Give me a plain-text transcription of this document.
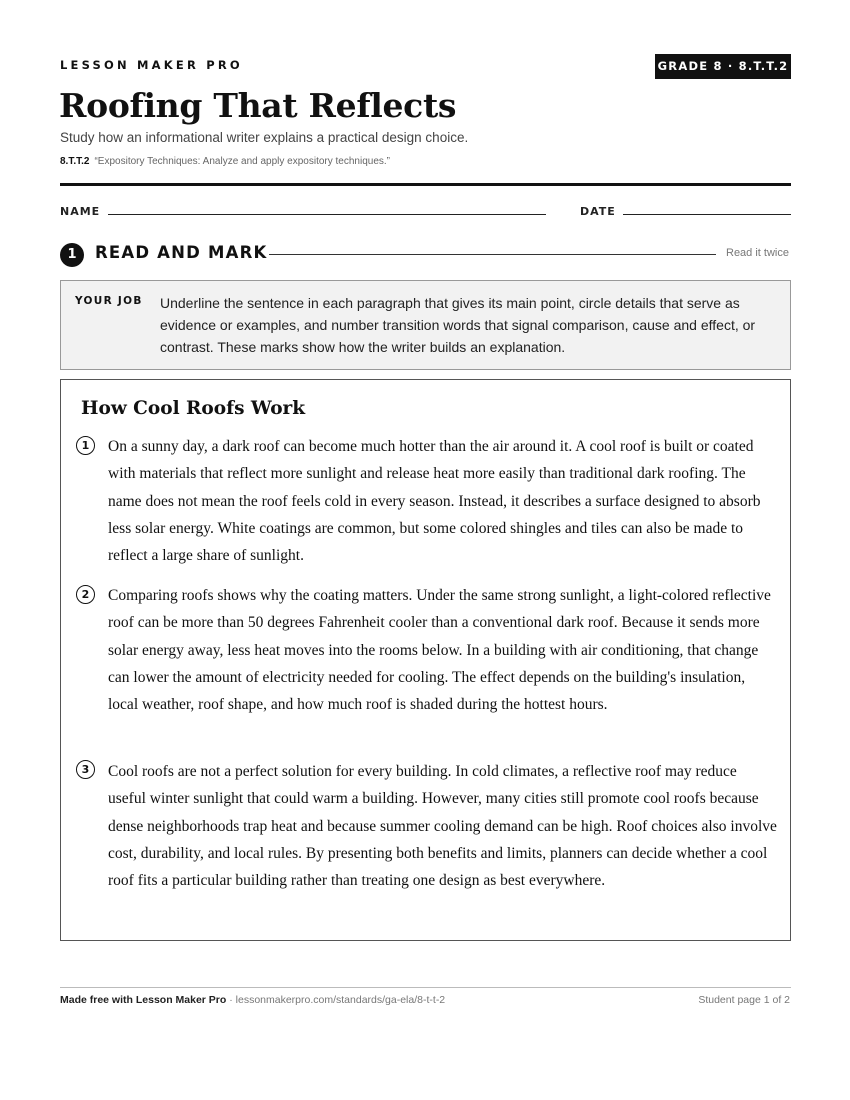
LESSON MAKER PRO	GRADE 8 · 8.T.T.2
Roofing That Reflects
Study how an informational writer explains a practical design choice.
8.T.T.2 “Expository Techniques: Analyze and apply expository techniques.”
NAME	DATE
1	READ AND MARK	Read it twice
YOUR JOB Underline the sentence in each paragraph that gives its main point, circle details that serve as evidence or examples, and number transition words that signal comparison, cause and effect, or contrast. These marks show how the writer builds an explanation.
How Cool Roofs Work
1	On a sunny day, a dark roof can become much hotter than the air around it. A cool roof is built or coated with materials that reflect more sunlight and release heat more easily than traditional dark roofing. The name does not mean the roof feels cold in every season. Instead, it describes a surface designed to absorb less solar energy. White coatings are common, but some colored shingles and tiles can also be made to reflect a large share of sunlight.
2	Comparing roofs shows why the coating matters. Under the same strong sunlight, a light-colored reflective roof can be more than 50 degrees Fahrenheit cooler than a conventional dark roof. Because it sends more solar energy away, less heat moves into the rooms below. In a building with air conditioning, that change can lower the amount of electricity needed for cooling. The effect depends on the building's insulation, local weather, roof shape, and how much roof is shaded during the hottest hours.
3	Cool roofs are not a perfect solution for every building. In cold climates, a reflective roof may reduce useful winter sunlight that could warm a building. However, many cities still promote cool roofs because dense neighborhoods trap heat and because summer cooling demand can be high. Roof choices also involve cost, durability, and local rules. By presenting both benefits and limits, planners can decide whether a cool roof fits a particular building rather than treating one design as best everywhere.
Made free with Lesson Maker Pro · lessonmakerpro.com/standards/ga-ela/8-t-t-2	Student page 1 of 2
